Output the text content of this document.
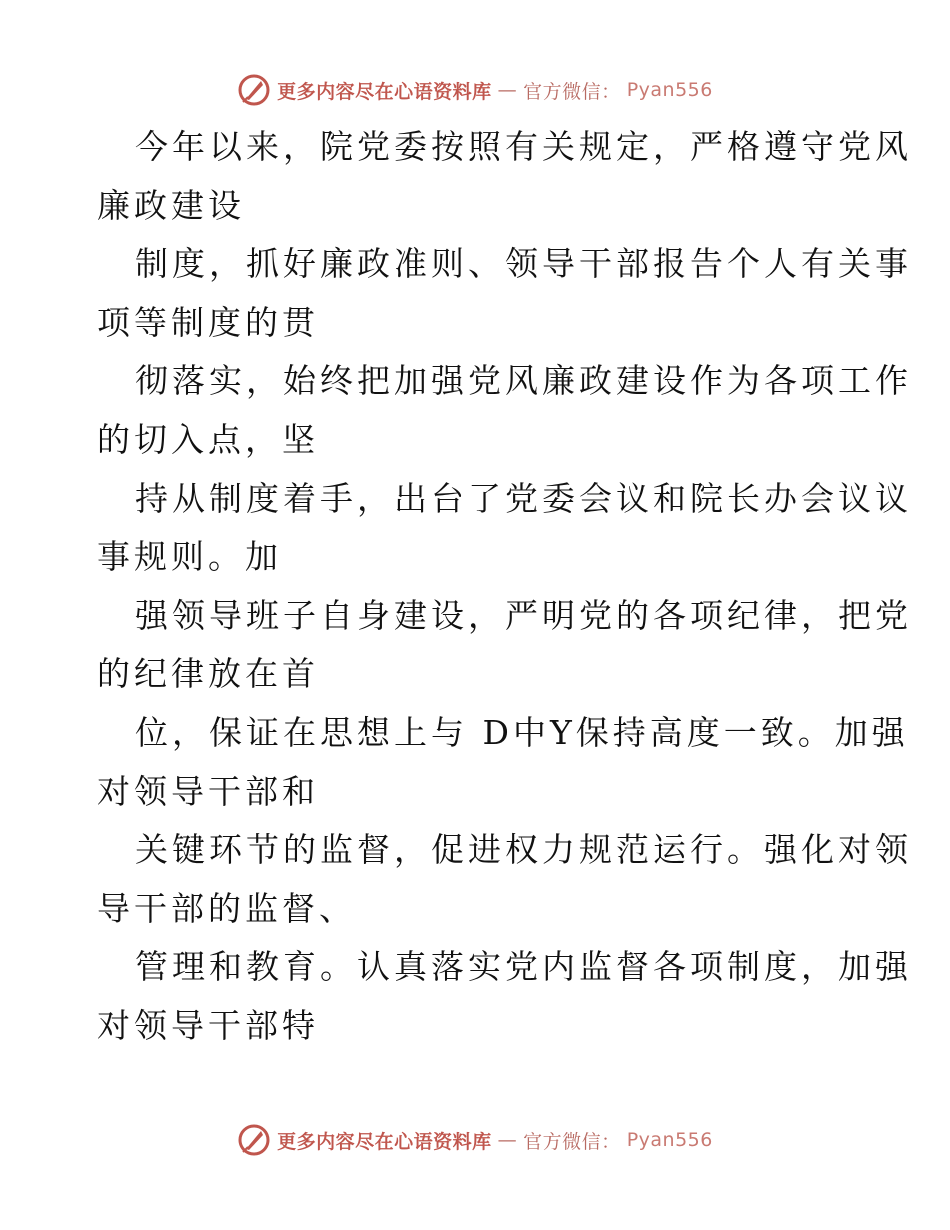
更多内容尽在心语资料库 — 官方微信： Pyan556
今年以来，院党委按照有关规定，严格遵守党风
廉政建设
制度，抓好廉政准则、领导干部报告个人有关事
项等制度的贯
彻落实，始终把加强党风廉政建设作为各项工作
的切入点，坚
持从制度着手，出台了党委会议和院长办会议议
事规则。加
强领导班子自身建设，严明党的各项纪律，把党
的纪律放在首
位，保证在思想上与 D中Y保持高度一致。加强
对领导干部和
关键环节的监督，促进权力规范运行。强化对领
导干部的监督、
管理和教育。认真落实党内监督各项制度，加强
对领导干部特
更多内容尽在心语资料库 — 官方微信： Pyan556
